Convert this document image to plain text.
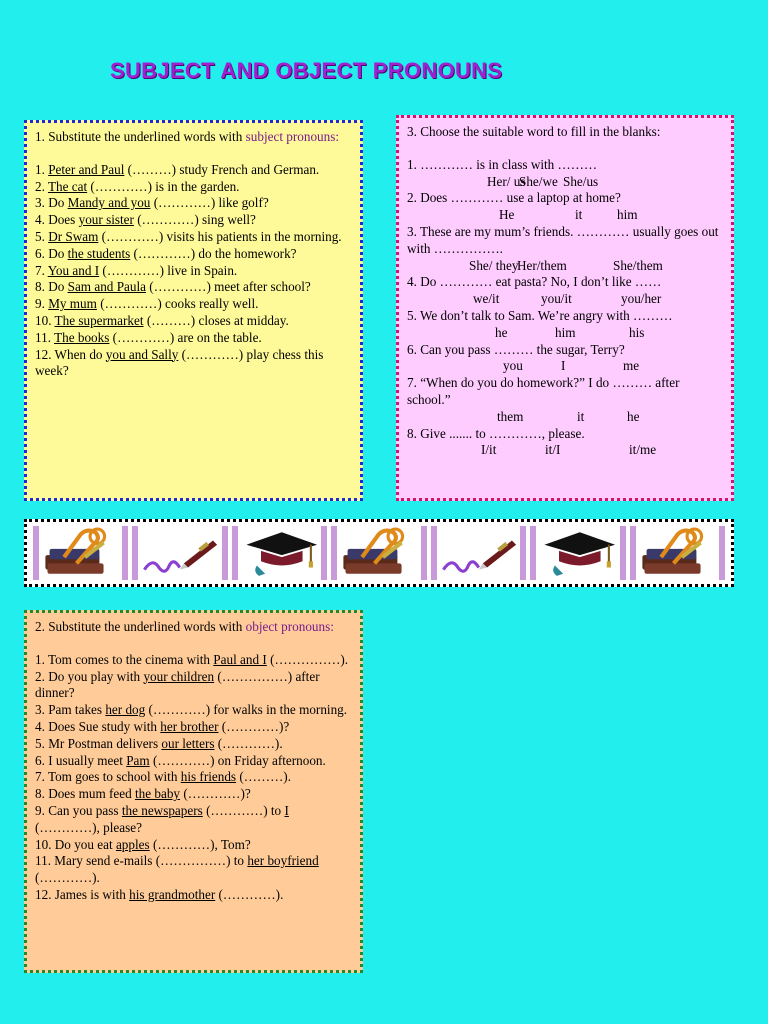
SUBJECT AND OBJECT PRONOUNS
1. Substitute the underlined words with subject pronouns:
1. Peter and Paul (………) study French and German.
2. The cat (…………) is in the garden.
3. Do Mandy and you (…………) like golf?
4. Does your sister (…………) sing well?
5. Dr Swam (…………) visits his patients in the morning.
6. Do the students (…………) do the homework?
7. You and I (…………) live in Spain.
8. Do Sam and Paula (…………) meet after school?
9. My mum (…………) cooks really well.
10. The supermarket (………) closes at midday.
11. The books (…………) are on the table.
12. When do you and Sally (…………) play chess this week?
3. Choose the suitable word to fill in the blanks:
1. ………… is in class with ………
Her/ us
She/we She/us
2. Does ………… use a laptop at home?
He	it	him
3. These are my mum’s friends. ………… usually goes out with …………….
She/ they
Her/them	She/them
4. Do ………… eat pasta? No, I don’t like ……
we/it	you/it	you/her
5. We don’t talk to Sam. We’re angry with ………
he	him	his
6. Can you pass ……… the sugar, Terry?
you	I	me
7. “When do you do homework?” I do ……… after school.”
them	it	he
8. Give ....... to …………, please.
I/it	it/I	it/me
2. Substitute the underlined words with object pronouns:
1. Tom comes to the cinema with Paul and I (……………).
2. Do you play with your children (……………) after dinner?
3. Pam takes her dog (…………) for walks in the morning.
4. Does Sue study with her brother (…………)?
5. Mr Postman delivers our letters (…………).
6. I usually meet Pam (…………) on Friday afternoon.
7. Tom goes to school with his friends (………).
8. Does mum feed the baby (…………)?
9. Can you pass the newspapers (…………) to I (…………), please?
10. Do you eat apples (…………), Tom?
11. Mary send e-mails (……………) to her boyfriend (…………).
12. James is with his grandmother (…………).
